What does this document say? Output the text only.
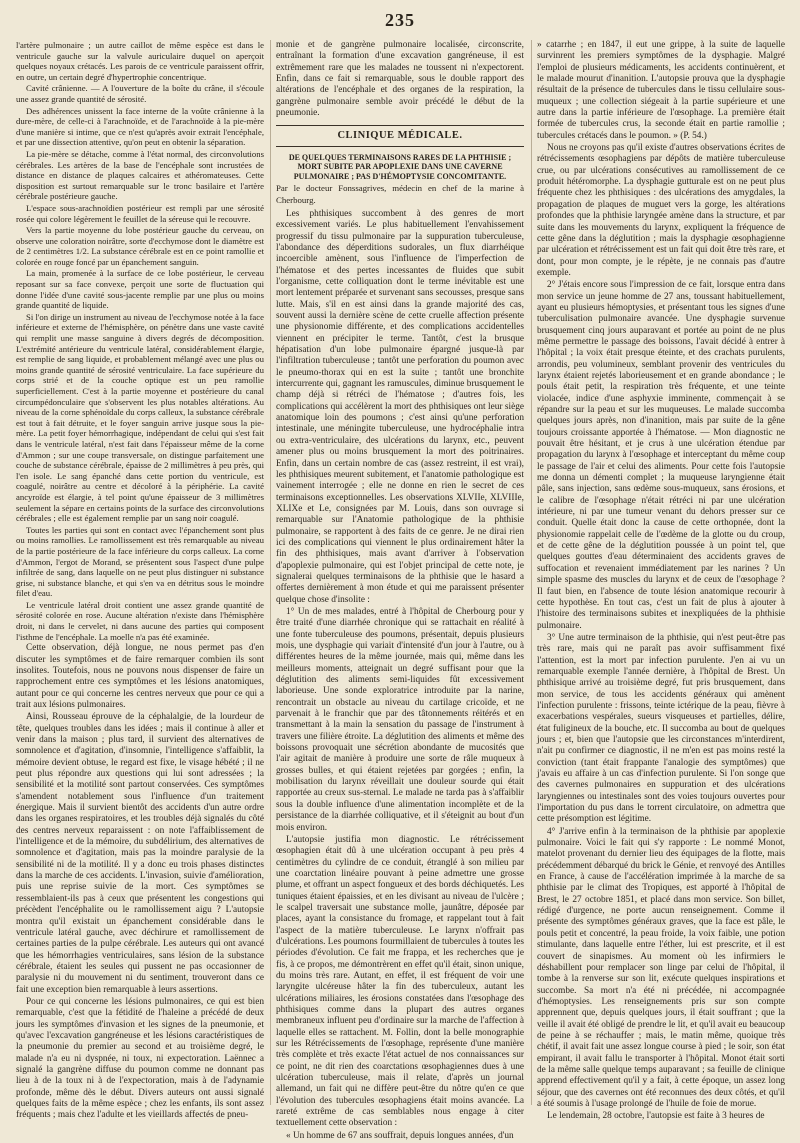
235

l'artère pulmonaire ; un autre caillot de même espèce est dans le ventricule gauche sur la valvule auriculaire duquel on aperçoit quelques noyaux crétacés. Les parois de ce ventricule paraissent offrir, en outre, un certain degré d'hypertrophie concentrique.

Cavité crânienne. — A l'ouverture de la boîte du crâne, il s'écoule une assez grande quantité de sérosité.

Des adhérences unissent la face interne de la voûte crânienne à la dure-mère, de celle-ci à l'arachnoïde, et de l'arachnoïde à la pie-mère d'une manière si intime, que ce n'est qu'après avoir extrait l'encéphale, et par une dissection attentive, qu'on peut en obtenir la séparation.

La pie-mère se détache, comme à l'état normal, des circonvolutions cérébrales. Les artères de la base de l'encéphale sont incrustées de distance en distance de plaques calcaires et athéromateuses. Cette disposition est surtout remarquable sur le tronc basilaire et l'artère cérébrale postérieure gauche.

L'espace sous-arachnoïdien postérieur est rempli par une sérosité rosée qui colore légèrement le feuillet de la séreuse qui le recouvre.

Vers la partie moyenne du lobe postérieur gauche du cerveau, on observe une coloration noirâtre, sorte d'ecchymose dont le diamètre est de 2 centimètres 1/2. La substance cérébrale est en ce point ramollie et colorée en rouge foncé par un épanchement sanguin.

La main, promenée à la surface de ce lobe postérieur, le cerveau reposant sur sa face convexe, perçoit une sorte de fluctuation qui donne l'idée d'une cavité sous-jacente remplie par une plus ou moins grande quantité de liquide.

Si l'on dirige un instrument au niveau de l'ecchymose notée à la face inférieure et externe de l'hémisphère, on pénètre dans une vaste cavité qui remplit une masse sanguine à divers degrés de décomposition. L'extrémité antérieure du ventricule latéral, considérablement élargie, est remplie de sang liquide, et probablement mélangé avec une plus ou moins grande quantité de sérosité ventriculaire. La face supérieure du corps strié et de la couche optique est un peu ramollie superficiellement. C'est à la partie moyenne et postérieure du canal circumpédonculaire que s'observent les plus notables altérations. Au niveau de la corne sphénoïdale du corps calleux, la substance cérébrale est tout à fait détruite, et le foyer sanguin arrive jusque sous la pie-mère. La petit foyer hémorrhagique, indépendant de celui qui s'est fait dans le ventricule latéral, n'est fait dans l'épaisseur même de la corne d'Ammon ; sur une coupe transversale, on distingue parfaitement une couche de substance cérébrale, épaisse de 2 millimètres à peu près, qui l'en isole. Le sang épanché dans cette portion du ventricule, est coagulé, noirâtre au centre et décoloré à la périphérie. La cavité ancyroïde est élargie, à tel point qu'une épaisseur de 3 millimètres seulement la sépare en certains points de la surface des circonvolutions cérébrales ; elle est également remplie par un sang noir coagulé.

Toutes les parties qui sont en contact avec l'épanchement sont plus ou moins ramollies. Le ramollissement est très remarquable au niveau de la partie postérieure de la face inférieure du corps calleux. La corne d'Ammon, l'ergot de Morand, se présentent sous l'aspect d'une pulpe infiltrée de sang, dans laquelle on ne peut plus distinguer ni substance grise, ni substance blanche, et qui s'en va en détritus sous le moindre filet d'eau.

Le ventricule latéral droit contient une assez grande quantité de sérosité colorée en rose. Aucune altération n'existe dans l'hémisphère droit, ni dans le cervelet, ni dans aucune des parties qui composent l'isthme de l'encéphale. La moelle n'a pas été examinée.

Cette observation, déjà longue, ne nous permet pas d'en discuter les symptômes et de faire remarquer combien ils sont insolites. Toutefois, nous ne pouvons nous dispenser de faire un rapprochement entre ces symptômes et les lésions anatomiques, autant pour ce qui concerne les centres nerveux que pour ce qui a trait aux lésions pulmonaires.

Ainsi, Rousseau éprouve de la céphalalgie, de la lourdeur de tête, quelques troubles dans les idées ; mais il continue à aller et venir dans la maison ; plus tard, il survient des alternatives de somnolence et d'agitation, d'insomnie, l'intelligence s'affaiblit, la mémoire devient obtuse, le regard est fixe, le visage hébété ; il ne peut plus répondre aux questions qui lui sont adressées ; la sensibilité et la motilité sont partout conservées. Ces symptômes s'amendent notablement sous l'influence d'un traitement énergique. Mais il survient bientôt des accidents d'un autre ordre dans les organes respiratoires, et les troubles déjà signalés du côté des centres nerveux reparaissent : on note l'affaiblissement de l'intelligence et de la mémoire, du subdélirium, des alternatives de somnolence et d'agitation, mais pas la moindre paralysie de la sensibilité ni de la motilité. Il y a donc eu trois phases distinctes dans la marche de ces accidents. L'invasion, suivie d'amélioration, puis une reprise suivie de la mort. Ces symptômes se ressemblaient-ils pas à ceux que présentent les congestions qui précèdent l'encéphalite ou le ramollissement aigu ? L'autopsie montra qu'il existait un épanchement considérable dans le ventricule latéral gauche, avec déchirure et ramollissement de certaines parties de la pulpe cérébrale. Les auteurs qui ont avancé que les hémorrhagies ventriculaires, sans lésion de la substance cérébrale, étaient les seules qui pussent ne pas occasionner de paralysie ni du mouvement ni du sentiment, trouveront dans ce fait une exception bien remarquable à leurs assertions.

Pour ce qui concerne les lésions pulmonaires, ce qui est bien remarquable, c'est que la fétidité de l'haleine a précédé de deux jours les symptômes d'invasion et les signes de la pneumonie, et qu'avec l'excavation gangréneuse et les lésions caractéristiques de la pneumonie du premier au second et au troisième degré, le malade n'a eu ni dyspnée, ni toux, ni expectoration. Laënnec a signalé la gangrène diffuse du poumon comme ne donnant pas lieu à de la toux ni à de l'expectoration, mais à de l'adynamie profonde, même dès le début. Divers auteurs ont aussi signalé quelques faits de la même espèce ; chez les enfants, ils sont assez fréquents ; mais chez l'adulte et les vieillards affectés de pneu-

monie et de gangrène pulmonaire localisée, circonscrite, entraînant la formation d'une excavation gangréneuse, il est extrêmement rare que les malades ne toussent ni n'expectorent. Enfin, dans ce fait si remarquable, sous le double rapport des altérations de l'encéphale et des organes de la respiration, la gangrène pulmonaire semble avoir précédé le début de la pneumonie.

CLINIQUE MÉDICALE.
DE QUELQUES TERMINAISONS RARES DE LA PHTHISIE ; MORT SUBITE PAR APOPLEXIE DANS UNE CAVERNE PULMONAIRE ; PAS D'HÉMOPTYSIE CONCOMITANTE.

Par le docteur Fonssagrives, médecin en chef de la marine à Cherbourg.

Les phthisiques succombent à des genres de mort excessivement variés. Le plus habituellement l'envahissement progressif du tissu pulmonaire par la suppuration tuberculeuse, l'abondance des déperditions sudorales, un flux diarrhéique incoercible amènent, sous l'influence de l'imperfection de l'hématose et des pertes incessantes de fluides que subit l'organisme, cette colliquation dont le terme inévitable est une mort lentement préparée et survenant sans secousses, presque sans lutte. Mais, s'il en est ainsi dans la grande majorité des cas, souvent aussi la dernière scène de cette cruelle affection présente une physionomie différente, et des complications accidentelles viennent en précipiter le terme. Tantôt, c'est la brusque hépatisation d'un lobe pulmonaire épargné jusque-là par l'infiltration tuberculeuse ; tantôt une perforation du poumon avec le pneumo-thorax qui en est la suite ; tantôt une bronchite intercurrente qui, gagnant les ramuscules, diminue brusquement le champ déjà si rétréci de l'hématose ; d'autres fois, les complications qui accélèrent la mort des phthisiques ont leur siège anatomique loin des poumons ; c'est ainsi qu'une perforation intestinale, une méningite tuberculeuse, une hydrocéphalie intra ou extra-ventriculaire, des ulcérations du larynx, etc., peuvent amener plus ou moins brusquement la mort des poitrinaires. Enfin, dans un certain nombre de cas (assez restreint, il est vrai), les phthisiques meurent subitement, et l'anatomie pathologique est vainement interrogée ; elle ne donne en rien le secret de ces terminaisons exceptionnelles. Les observations XLVIIe, XLVIIIe, XLIXe et Le, consignées par M. Louis, dans son ouvrage si remarquable sur l'Anatomie pathologique de la phthisie pulmonaire, se rapportent à des faits de ce genre. Je ne dirai rien ici des complications qui viennent le plus ordinairement hâter la fin des phthisiques, mais avant d'arriver à l'observation d'apoplexie pulmonaire, qui est l'objet principal de cette note, je signalerai quelques terminaisons de la phthisie que le hasard a offertes dernièrement à mon étude et qui me paraissent présenter quelque chose d'insolite :

1° Un de mes malades, entré à l'hôpital de Cherbourg pour y être traité d'une diarrhée chronique qui se rattachait en réalité à une fonte tuberculeuse des poumons, présentait, depuis plusieurs mois, une dysphagie qui variait d'intensité d'un jour à l'autre, ou à différentes heures de la même journée, mais qui, même dans les meilleurs moments, atteignait un degré suffisant pour que la déglutition des aliments semi-liquides fût excessivement laborieuse. Une sonde exploratrice introduite par la narine, rencontrait un obstacle au niveau du cartilage cricoïde, et ne parvenait à le franchir que par des tâtonnements réitérés et en transmettant à la main la sensation du passage de l'instrument à travers une filière étroite. La déglutition des aliments et même des boissons provoquait une sécrétion abondante de mucosités que l'air agitait de manière à produire une sorte de râle muqueux à grosses bulles, et qui étaient rejetées par gorgées ; enfin, la mobilisation du larynx réveillait une douleur sourde qui était rapportée au creux sus-sternal. Le malade ne tarda pas à s'affaiblir sous la double influence d'une alimentation incomplète et de la persistance de la diarrhée colliquative, et il s'éteignit au bout d'un mois environ.

L'autopsie justifia mon diagnostic. Le rétrécissement œsophagien était dû à une ulcération occupant à peu près 4 centimètres du cylindre de ce conduit, étranglé à son milieu par une coarctation linéaire pouvant à peine admettre une grosse plume, et offrant un aspect fongueux et des bords déchiquetés. Les tuniques étaient épaissies, et en les divisant au niveau de l'ulcère ; le scalpel traversait une substance molle, jaunâtre, déposée par places, ayant la consistance du fromage, et rappelant tout à fait l'aspect de la matière tuberculeuse. Le larynx n'offrait pas d'ulcérations. Les poumons fourmillaient de tubercules à toutes les périodes d'évolution. Ce fait me frappa, et les recherches que je fis, à ce propos, me démontrèrent en effet qu'il était, sinon unique, du moins très rare. Autant, en effet, il est fréquent de voir une laryngite ulcéreuse hâter la fin des tuberculeux, autant les ulcérations miliaires, les érosions constatées dans l'œsophage des phthisiques comme dans la plupart des autres organes membraneux influent peu d'ordinaire sur la marche de l'affection à laquelle elles se rattachent. M. Follin, dont la belle monographie sur les Rétrécissements de l'œsophage, représente d'une manière très complète et très exacte l'état actuel de nos connaissances sur ce point, ne dit rien des coarctations œsophagiennes dues à une ulcération tuberculeuse, mais il relate, d'après un journal allemand, un fait qui ne diffère peut-être du nôtre qu'en ce que l'évolution des tubercules œsophagiens était moins avancée. La rareté extrême de cas semblables nous engage à citer textuellement cette observation :

« Un homme de 67 ans souffrait, depuis longues années, d'un

» catarrhe ; en 1847, il eut une grippe, à la suite de laquelle survinrent les premiers symptômes de la dysphagie. Malgré l'emploi de plusieurs médicaments, les accidents continuèrent, et le malade mourut d'inanition. L'autopsie prouva que la dysphagie résultait de la présence de tubercules dans le tissu cellulaire sous-muqueux ; une collection siégeait à la partie supérieure et une autre dans la partie inférieure de l'œsophage. La première était formée de tubercules crus, la seconde était en partie ramollie ; tubercules crétacés dans le poumon. » (P. 54.)

Nous ne croyons pas qu'il existe d'autres observations écrites de rétrécissements œsophagiens par dépôts de matière tuberculeuse crue, ou par ulcérations consécutives au ramollissement de ce produit hétéromorphe. La dysphagie gutturale est on ne peut plus fréquente chez les phthisiques : des ulcérations des amygdales, la propagation de plaques de muguet vers la gorge, les altérations profondes que la phthisie laryngée amène dans la structure, et par suite dans les mouvements du larynx, expliquent la fréquence de cette gêne dans la déglutition ; mais la dysphagie œsophagienne par ulcération et rétrécissement est un fait qui doit être très rare, et dont, pour mon compte, je le répète, je ne connais pas d'autre exemple.

2° J'étais encore sous l'impression de ce fait, lorsque entra dans mon service un jeune homme de 27 ans, toussant habituellement, ayant eu plusieurs hémoptysies, et présentant tous les signes d'une tuberculisation pulmonaire avancée. Une dysphagie survenue brusquement cinq jours auparavant et portée au point de ne plus même permettre le passage des boissons, l'avait décidé à entrer à l'hôpital ; la voix était presque éteinte, et des crachats purulents, arrondis, peu volumineux, semblant provenir des ventricules du larynx étaient rejetés laborieusement et en grande abondance ; le pouls était petit, la respiration très fréquente, et une teinte violacée, indice d'une asphyxie imminente, commençait à se répandre sur la peau et sur les muqueuses. Le malade succomba quelques jours après, non d'inanition, mais par suite de la gêne toujours croissante apportée à l'hématose. — Mon diagnostic ne pouvait être hésitant, et je crus à une ulcération étendue par propagation du larynx à l'œsophage et interceptant du même coup le passage de l'air et celui des aliments. Pour cette fois l'autopsie me donna un démenti complet ; la muqueuse laryngienne était pâle, sans injection, sans œdème sous-muqueux, sans érosions, et le calibre de l'œsophage n'était rétréci ni par une ulcération intérieure, ni par une tumeur venant du dehors presser sur ce conduit. Quelle était donc la cause de cette orthopnée, dont la physionomie rappelait celle de l'œdème de la glotte ou du croup, et de cette gêne de la déglutition poussée à un point tel, que quelques gouttes d'eau déterminaient des accidents graves de suffocation et revenaient immédiatement par les narines ? Un simple spasme des muscles du larynx et de ceux de l'œsophage ? Il faut bien, en l'absence de toute lésion anatomique recourir à cette hypothèse. En tout cas, c'est un fait de plus à ajouter à l'histoire des terminaisons subites et inexpliquées de la phthisie pulmonaire.

3° Une autre terminaison de la phthisie, qui n'est peut-être pas très rare, mais qui ne paraît pas avoir suffisamment fixé l'attention, est la mort par infection purulente. J'en ai vu un remarquable exemple l'année dernière, à l'hôpital de Brest. Un phthisique arrivé au troisième degré, fut pris brusquement, dans mon service, de tous les accidents généraux qui amènent l'infection purulente : frissons, teinte ictérique de la peau, fièvre à exacerbations vespérales, sueurs visqueuses et partielles, délire, état fuligineux de la bouche, etc. Il succomba au bout de quelques jours ; et, bien que l'autopsie que les circonstances m'interdirent, n'ait pu confirmer ce diagnostic, il ne m'en est pas moins resté la conviction (tant était frappante l'analogie des symptômes) que j'avais eu affaire à un cas d'infection purulente. Si l'on songe que des cavernes pulmonaires en suppuration et des ulcérations laryngiennes ou intestinales sont des voies toujours ouvertes pour l'importation du pus dans le torrent circulatoire, on admettra que cette présomption est légitime.

4° J'arrive enfin à la terminaison de la phthisie par apoplexie pulmonaire. Voici le fait qui s'y rapporte : Le nommé Monot, matelot provenant du dernier lieu des équipages de la flotte, mais précédemment débarqué du brick le Génie, et renvoyé des Antilles en France, à cause de l'accélération imprimée à la marche de sa phthisie par le climat des Tropiques, est apporté à l'hôpital de Brest, le 27 octobre 1851, et placé dans mon service. Son billet, rédigé d'urgence, ne porte aucun renseignement. Comme il présente des symptômes généraux graves, que la face est pâle, le pouls petit et concentré, la peau froide, la voix faible, une potion stimulante, dans laquelle entre l'éther, lui est prescrite, et il est couvert de sinapismes. Au moment où les infirmiers le déshabillent pour remplacer son linge par celui de l'hôpital, il tombe à la renverse sur son lit, exécute quelques inspirations et succombe. Sa mort n'a été ni précédée, ni accompagnée d'hémoptysies. Les renseignements pris sur son compte apprennent que, depuis quelques jours, il était souffrant ; que la veille il avait été obligé de prendre le lit, et qu'il avait eu beaucoup de peine à se réchauffer ; mais, le matin même, quoique très chétif, il avait fait une assez longue course à pied ; le soir, son état empirant, il avait fallu le transporter à l'hôpital. Monot était sorti de la même salle quelque temps auparavant ; sa feuille de clinique apprend effectivement qu'il y a fait, à cette époque, un assez long séjour, que des cavernes ont été reconnues des deux côtés, et qu'il a été soumis à l'usage prolongé de l'huile de foie de morue.

Le lendemain, 28 octobre, l'autopsie est faite à 3 heures de
